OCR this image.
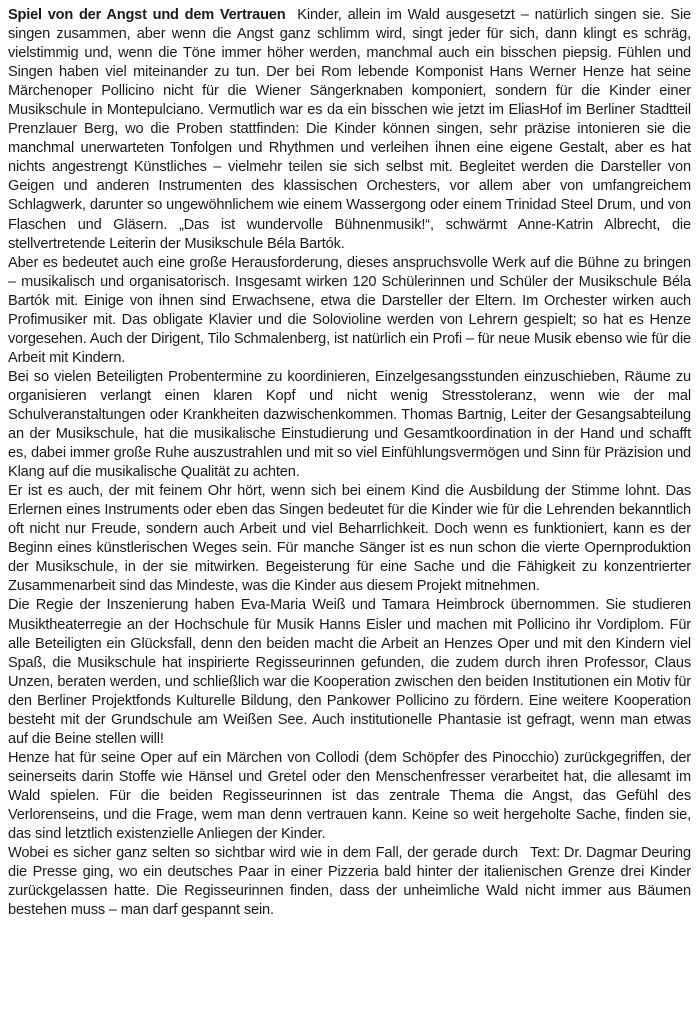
Spiel von der Angst und dem Vertrauen Kinder, allein im Wald ausgesetzt – natürlich singen sie. Sie singen zusammen, aber wenn die Angst ganz schlimm wird, singt jeder für sich, dann klingt es schräg, vielstimmig und, wenn die Töne immer höher werden, manchmal auch ein bisschen piepsig. Fühlen und Singen haben viel miteinander zu tun. Der bei Rom lebende Komponist Hans Werner Henze hat seine Märchenoper Pollicino nicht für die Wiener Sängerknaben komponiert, sondern für die Kinder einer Musikschule in Montepulciano. Vermutlich war es da ein bisschen wie jetzt im EliasHof im Berliner Stadtteil Prenzlauer Berg, wo die Proben stattfinden: Die Kinder können singen, sehr präzise intonieren sie die manchmal unerwarteten Tonfolgen und Rhythmen und verleihen ihnen eine eigene Gestalt, aber es hat nichts angestrengt Künstliches – vielmehr teilen sie sich selbst mit. Begleitet werden die Darsteller von Geigen und anderen Instrumenten des klassischen Orchesters, vor allem aber von umfangreichem Schlagwerk, darunter so ungewöhnlichem wie einem Wassergong oder einem Trinidad Steel Drum, und von Flaschen und Gläsern. „Das ist wundervolle Bühnenmusik!“, schwärmt Anne-Katrin Albrecht, die stellvertretende Leiterin der Musikschule Béla Bartók.

Aber es bedeutet auch eine große Herausforderung, dieses anspruchsvolle Werk auf die Bühne zu bringen – musikalisch und organisatorisch. Insgesamt wirken 120 Schülerinnen und Schüler der Musikschule Béla Bartók mit. Einige von ihnen sind Erwachsene, etwa die Darsteller der Eltern. Im Orchester wirken auch Profimusiker mit. Das obligate Klavier und die Solovioline werden von Lehrern gespielt; so hat es Henze vorgesehen. Auch der Dirigent, Tilo Schmalenberg, ist natürlich ein Profi – für neue Musik ebenso wie für die Arbeit mit Kindern.

Bei so vielen Beteiligten Probentermine zu koordinieren, Einzelgesangsstunden einzuschieben, Räume zu organisieren verlangt einen klaren Kopf und nicht wenig Stresstoleranz, wenn wie der mal Schulveranstaltungen oder Krankheiten dazwischenkommen. Thomas Bartnig, Leiter der Gesangsabteilung an der Musikschule, hat die musikalische Einstudierung und Gesamtkoordination in der Hand und schafft es, dabei immer große Ruhe auszustrahlen und mit so viel Einfühlungsvermögen und Sinn für Präzision und Klang auf die musikalische Qualität zu achten.

Er ist es auch, der mit feinem Ohr hört, wenn sich bei einem Kind die Ausbildung der Stimme lohnt. Das Erlernen eines Instruments oder eben das Singen bedeutet für die Kinder wie für die Lehrenden bekanntlich oft nicht nur Freude, sondern auch Arbeit und viel Beharrlichkeit. Doch wenn es funktioniert, kann es der Beginn eines künstlerischen Weges sein. Für manche Sänger ist es nun schon die vierte Opernproduktion der Musikschule, in der sie mitwirken. Begeisterung für eine Sache und die Fähigkeit zu konzentrierter Zusammenarbeit sind das Mindeste, was die Kinder aus diesem Projekt mitnehmen.

Die Regie der Inszenierung haben Eva-Maria Weiß und Tamara Heimbrock übernommen. Sie studieren Musiktheaterregie an der Hochschule für Musik Hanns Eisler und machen mit Pollicino ihr Vordiplom. Für alle Beteiligten ein Glücksfall, denn den beiden macht die Arbeit an Henzes Oper und mit den Kindern viel Spaß, die Musikschule hat inspirierte Regisseurinnen gefunden, die zudem durch ihren Professor, Claus Unzen, beraten werden, und schließlich war die Kooperation zwischen den beiden Institutionen ein Motiv für den Berliner Projektfonds Kulturelle Bildung, den Pankower Pollicino zu fördern. Eine weitere Kooperation besteht mit der Grundschule am Weißen See. Auch institutionelle Phantasie ist gefragt, wenn man etwas auf die Beine stellen will!

Henze hat für seine Oper auf ein Märchen von Collodi (dem Schöpfer des Pinocchio) zurückgegriffen, der seinerseits darin Stoffe wie Hänsel und Gretel oder den Menschenfresser verarbeitet hat, die allesamt im Wald spielen. Für die beiden Regisseurinnen ist das zentrale Thema die Angst, das Gefühl des Verlorenseins, und die Frage, wem man denn vertrauen kann. Keine so weit hergeholte Sache, finden sie, das sind letztlich existenzielle Anliegen der Kinder.

Text: Dr. Dagmar Deuring
Wobei es sicher ganz selten so sichtbar wird wie in dem Fall, der gerade durch die Presse ging, wo ein deutsches Paar in einer Pizzeria bald hinter der italienischen Grenze drei Kinder zurückgelassen hatte. Die Regisseurinnen finden, dass der unheimliche Wald nicht immer aus Bäumen bestehen muss – man darf gespannt sein.
